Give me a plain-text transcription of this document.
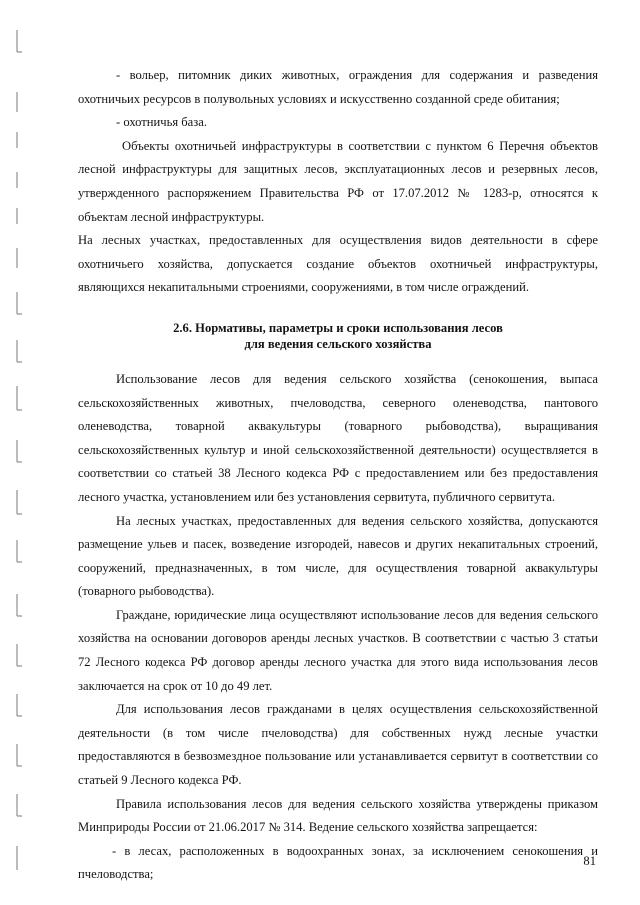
- вольер, питомник диких животных, ограждения для содержания и разведения охотничьих ресурсов в полувольных условиях и искусственно созданной среде обитания;

- охотничья база.

Объекты охотничьей инфраструктуры в соответствии с пунктом 6 Перечня объектов лесной инфраструктуры для защитных лесов, эксплуатационных лесов и резервных лесов, утвержденного распоряжением Правительства РФ от 17.07.2012 № 1283-р, относятся к объектам лесной инфраструктуры.

На лесных участках, предоставленных для осуществления видов деятельности в сфере охотничьего хозяйства, допускается создание объектов охотничьей инфраструктуры, являющихся некапитальными строениями, сооружениями, в том числе ограждений.

2.6. Нормативы, параметры и сроки использования лесов
для ведения сельского хозяйства

Использование лесов для ведения сельского хозяйства (сенокошения, выпаса сельскохозяйственных животных, пчеловодства, северного оленеводства, пантового оленеводства, товарной аквакультуры (товарного рыбоводства), выращивания сельскохозяйственных культур и иной сельскохозяйственной деятельности) осуществляется в соответствии со статьей 38 Лесного кодекса РФ с предоставлением или без предоставления лесного участка, установлением или без установления сервитута, публичного сервитута.

На лесных участках, предоставленных для ведения сельского хозяйства, допускаются размещение ульев и пасек, возведение изгородей, навесов и других некапитальных строений, сооружений, предназначенных, в том числе, для осуществления товарной аквакультуры (товарного рыбоводства).

Граждане, юридические лица осуществляют использование лесов для ведения сельского хозяйства на основании договоров аренды лесных участков. В соответствии с частью 3 статьи 72 Лесного кодекса РФ договор аренды лесного участка для этого вида использования лесов заключается на срок от 10 до 49 лет.

Для использования лесов гражданами в целях осуществления сельскохозяйственной деятельности (в том числе пчеловодства) для собственных нужд лесные участки предоставляются в безвозмездное пользование или устанавливается сервитут в соответствии со статьей 9 Лесного кодекса РФ.

Правила использования лесов для ведения сельского хозяйства утверждены приказом Минприроды России от 21.06.2017 № 314. Ведение сельского хозяйства запрещается:

- в лесах, расположенных в водоохранных зонах, за исключением сенокошения и пчеловодства;

81
